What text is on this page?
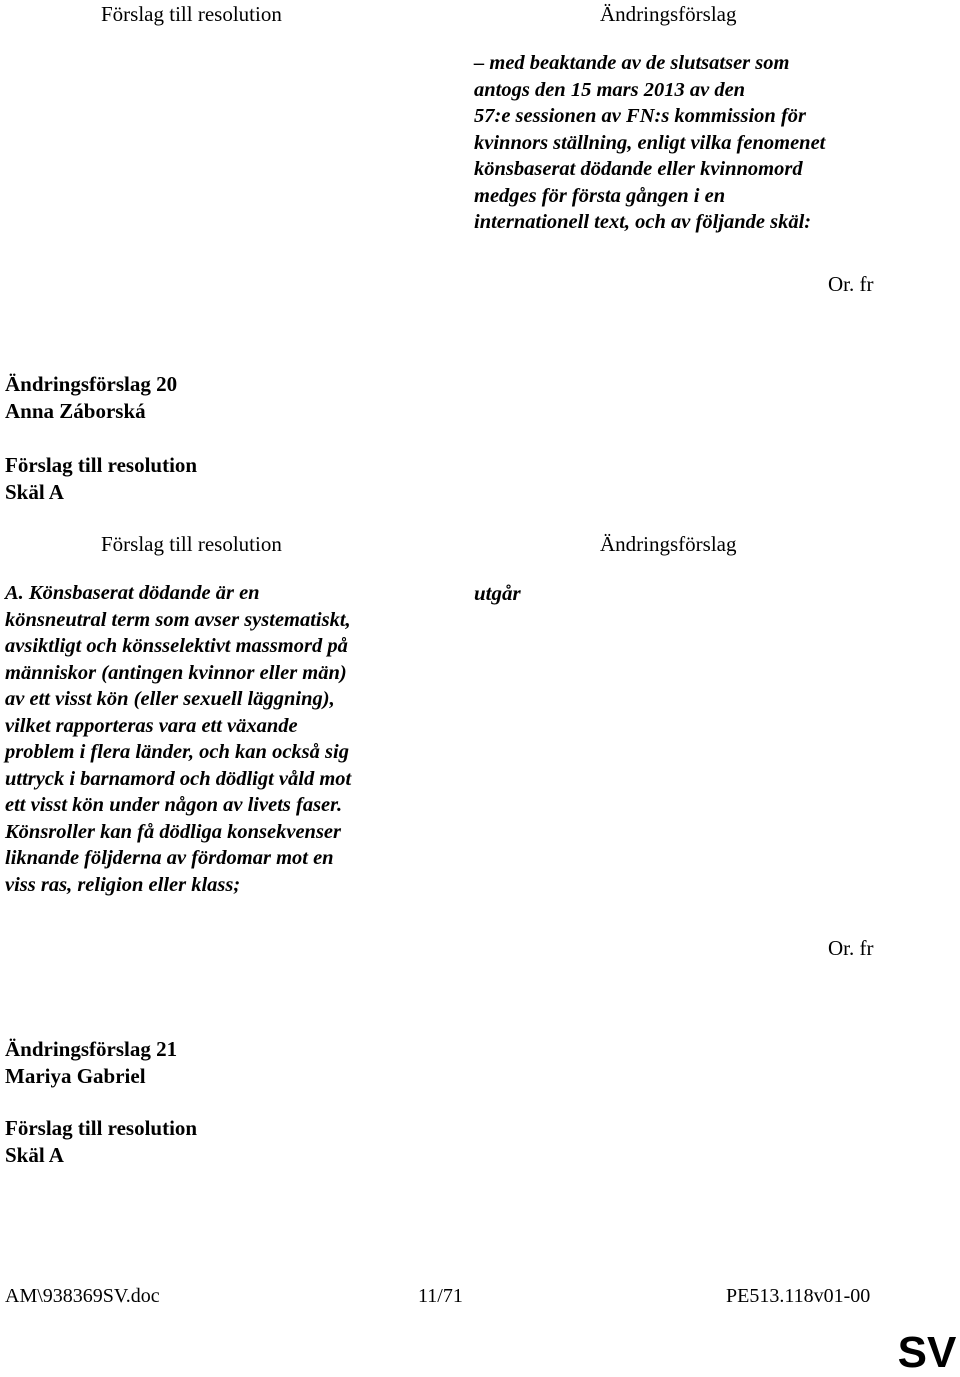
Förslag till resolution	Ändringsförslag
– med beaktande av de slutsatser som
antogs den 15 mars 2013 av den
57:e sessionen av FN:s kommission för
kvinnors ställning, enligt vilka fenomenet
könsbaserat dödande eller kvinnomord
medges för första gången i en
internationell text, och av följande skäl:
Or. fr
Ändringsförslag 20
Anna Záborská
Förslag till resolution
Skäl A
Förslag till resolution	Ändringsförslag
A. Könsbaserat dödande är en
könsneutral term som avser systematiskt,
avsiktligt och könsselektivt massmord på
människor (antingen kvinnor eller män)
av ett visst kön (eller sexuell läggning),
vilket rapporteras vara ett växande
problem i flera länder, och kan också sig
uttryck i barnamord och dödligt våld mot
ett visst kön under någon av livets faser.
Könsroller kan få dödliga konsekvenser
liknande följderna av fördomar mot en
viss ras, religion eller klass;
utgår
Or. fr
Ändringsförslag 21
Mariya Gabriel
Förslag till resolution
Skäl A
AM\938369SV.doc	11/71	PE513.118v01-00
SV
